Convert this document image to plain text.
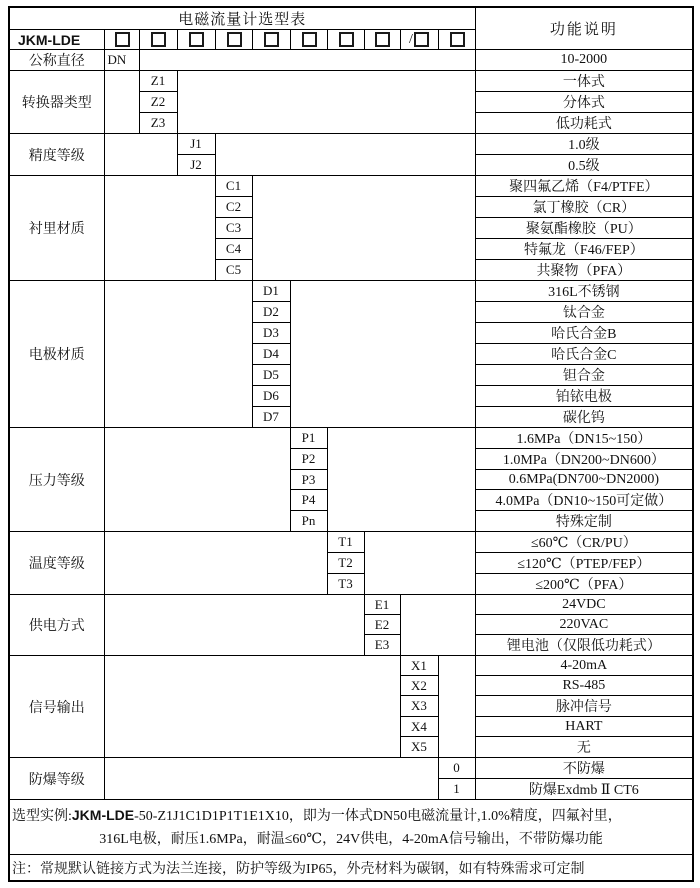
电磁流量计选型表											功能说明
JKM-LDE									/		
公称直径	DN										10-2000
转换器类型		Z1									一体式
		Z2									分体式
		Z3									低功耗式
精度等级			J1								1.0级
			J2								0.5级
衬里材质				C1							聚四氟乙烯（F4/PTFE）
				C2							氯丁橡胶（CR）
				C3							聚氨酯橡胶（PU）
				C4							特氟龙（F46/FEP）
				C5							共聚物（PFA）
电极材质					D1						316L不锈钢
					D2						钛合金
					D3						哈氏合金B
					D4						哈氏合金C
					D5						钽合金
					D6						铂铱电极
					D7						碳化钨
压力等级						P1					1.6MPa（DN15~150）
						P2					1.0MPa（DN200~DN600）
						P3					0.6MPa(DN700~DN2000)
						P4					4.0MPa（DN10~150可定做）
						Pn					特殊定制
温度等级							T1				≤60℃（CR/PU）
							T2				≤120℃（PTEP/FEP）
							T3				≤200℃（PFA）
供电方式								E1			24VDC
								E2			220VAC
								E3			锂电池（仅限低功耗式）
信号输出									X1		4-20mA
									X2		RS-485
									X3		脉冲信号
									X4		HART
									X5		无
防爆等级										0	不防爆
										1	防爆Exdmb Ⅱ CT6

选型实例:JKM-LDE-50-Z1J1C1D1P1T1E1X10，即为一体式DN50电磁流量计,1.0%精度，四氟衬里，
316L电极，耐压1.6MPa，耐温≤60℃，24V供电，4-20mA信号输出，不带防爆功能											

注：常规默认链接方式为法兰连接，防护等级为IP65，外壳材料为碳钢，如有特殊需求可定制											
